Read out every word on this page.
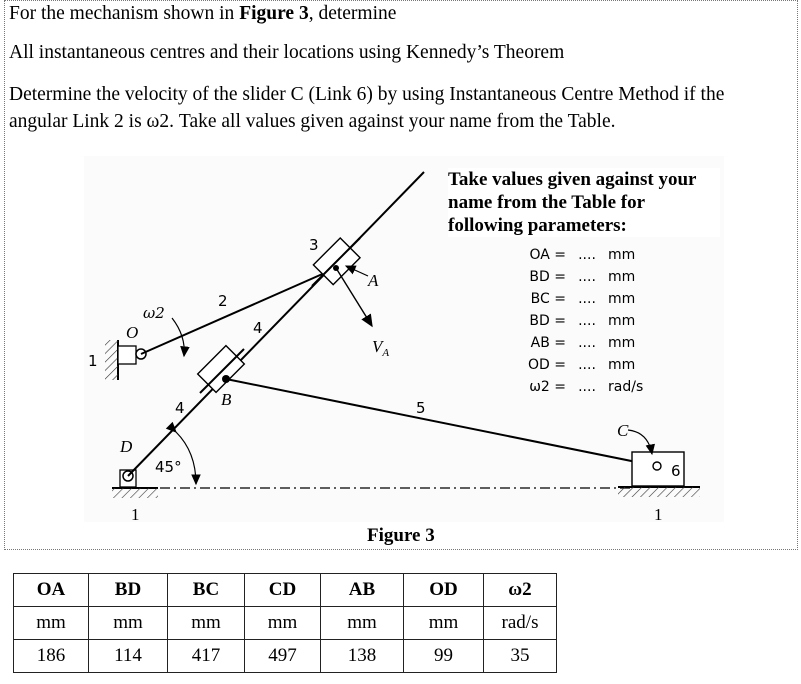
For the mechanism shown in Figure 3, determine
All instantaneous centres and their locations using Kennedy’s Theorem
Determine the velocity of the slider C (Link 6) by using Instantaneous Centre Method if the
angular Link 2 is ω2. Take all values given against your name from the Table.
1
2
3
4
4	5
6
ω2
45°
O
D
B
A
C
$V_A$
1	1
Take values given against your name from the Table for following parameters:
OA = .... mm
BD = .... mm
BC = .... mm
BD = .... mm
AB = .... mm
OD = .... mm
ω2 = .... rad/s
Figure 3
OA	BD	BC	CD	AB	OD	ω2
mm	mm	mm	mm	mm	mm	rad/s
186	114	417	497	138	99	35
